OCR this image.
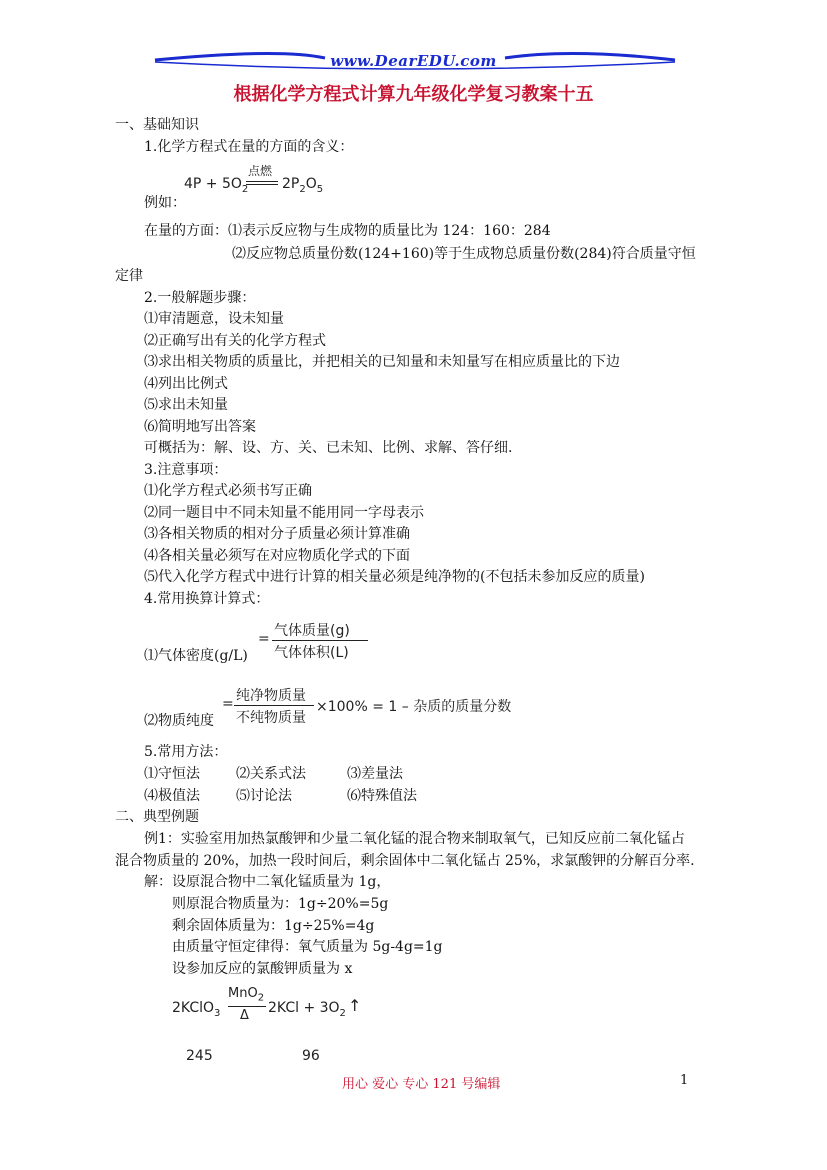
www.DearEDU.com
根据化学方程式计算九年级化学复习教案十五
一、基础知识
1.化学方程式在量的方面的含义：
$4P + 5O_2$
点燃
$2P_2O_5$
例如：
在量的方面：⑴表示反应物与生成物的质量比为 124：160：284
⑵反应物总质量份数(124+160)等于生成物总质量份数(284)符合质量守恒
定律
2.一般解题步骤：
⑴审清题意，设未知量
⑵正确写出有关的化学方程式
⑶求出相关物质的质量比，并把相关的已知量和未知量写在相应质量比的下边
⑷列出比例式
⑸求出未知量
⑹简明地写出答案
可概括为：解、设、方、关、已未知、比例、求解、答仔细.
3.注意事项：
⑴化学方程式必须书写正确
⑵同一题目中不同未知量不能用同一字母表示
⑶各相关物质的相对分子质量必须计算准确
⑷各相关量必须写在对应物质化学式的下面
⑸代入化学方程式中进行计算的相关量必须是纯净物的(不包括未参加反应的质量)
4.常用换算计算式：
⑴气体密度(g/L)
= 气体质量(g)
气体体积(L)
⑵物质纯度
= 纯净物质量
不纯物质量
×100% = 1 – 杂质的质量分数
5.常用方法：
⑴守恒法	⑵关系式法	⑶差量法
⑷极值法	⑸讨论法	⑹特殊值法
二、典型例题
例1：实验室用加热氯酸钾和少量二氧化锰的混合物来制取氧气，已知反应前二氧化锰占
混合物质量的 20%，加热一段时间后，剩余固体中二氧化锰占 25%，求氯酸钾的分解百分率.
解：设原混合物中二氧化锰质量为 1g，
则原混合物质量为：1g÷20%=5g
剩余固体质量为：1g÷25%=4g
由质量守恒定律得：氧气质量为 5g-4g=1g
设参加反应的氯酸钾质量为 x
2KClO$_3$
MnO$_2$
Δ $2KCl + 3O_2$ ↑
245	96
用心 爱心 专心 121 号编辑	1
